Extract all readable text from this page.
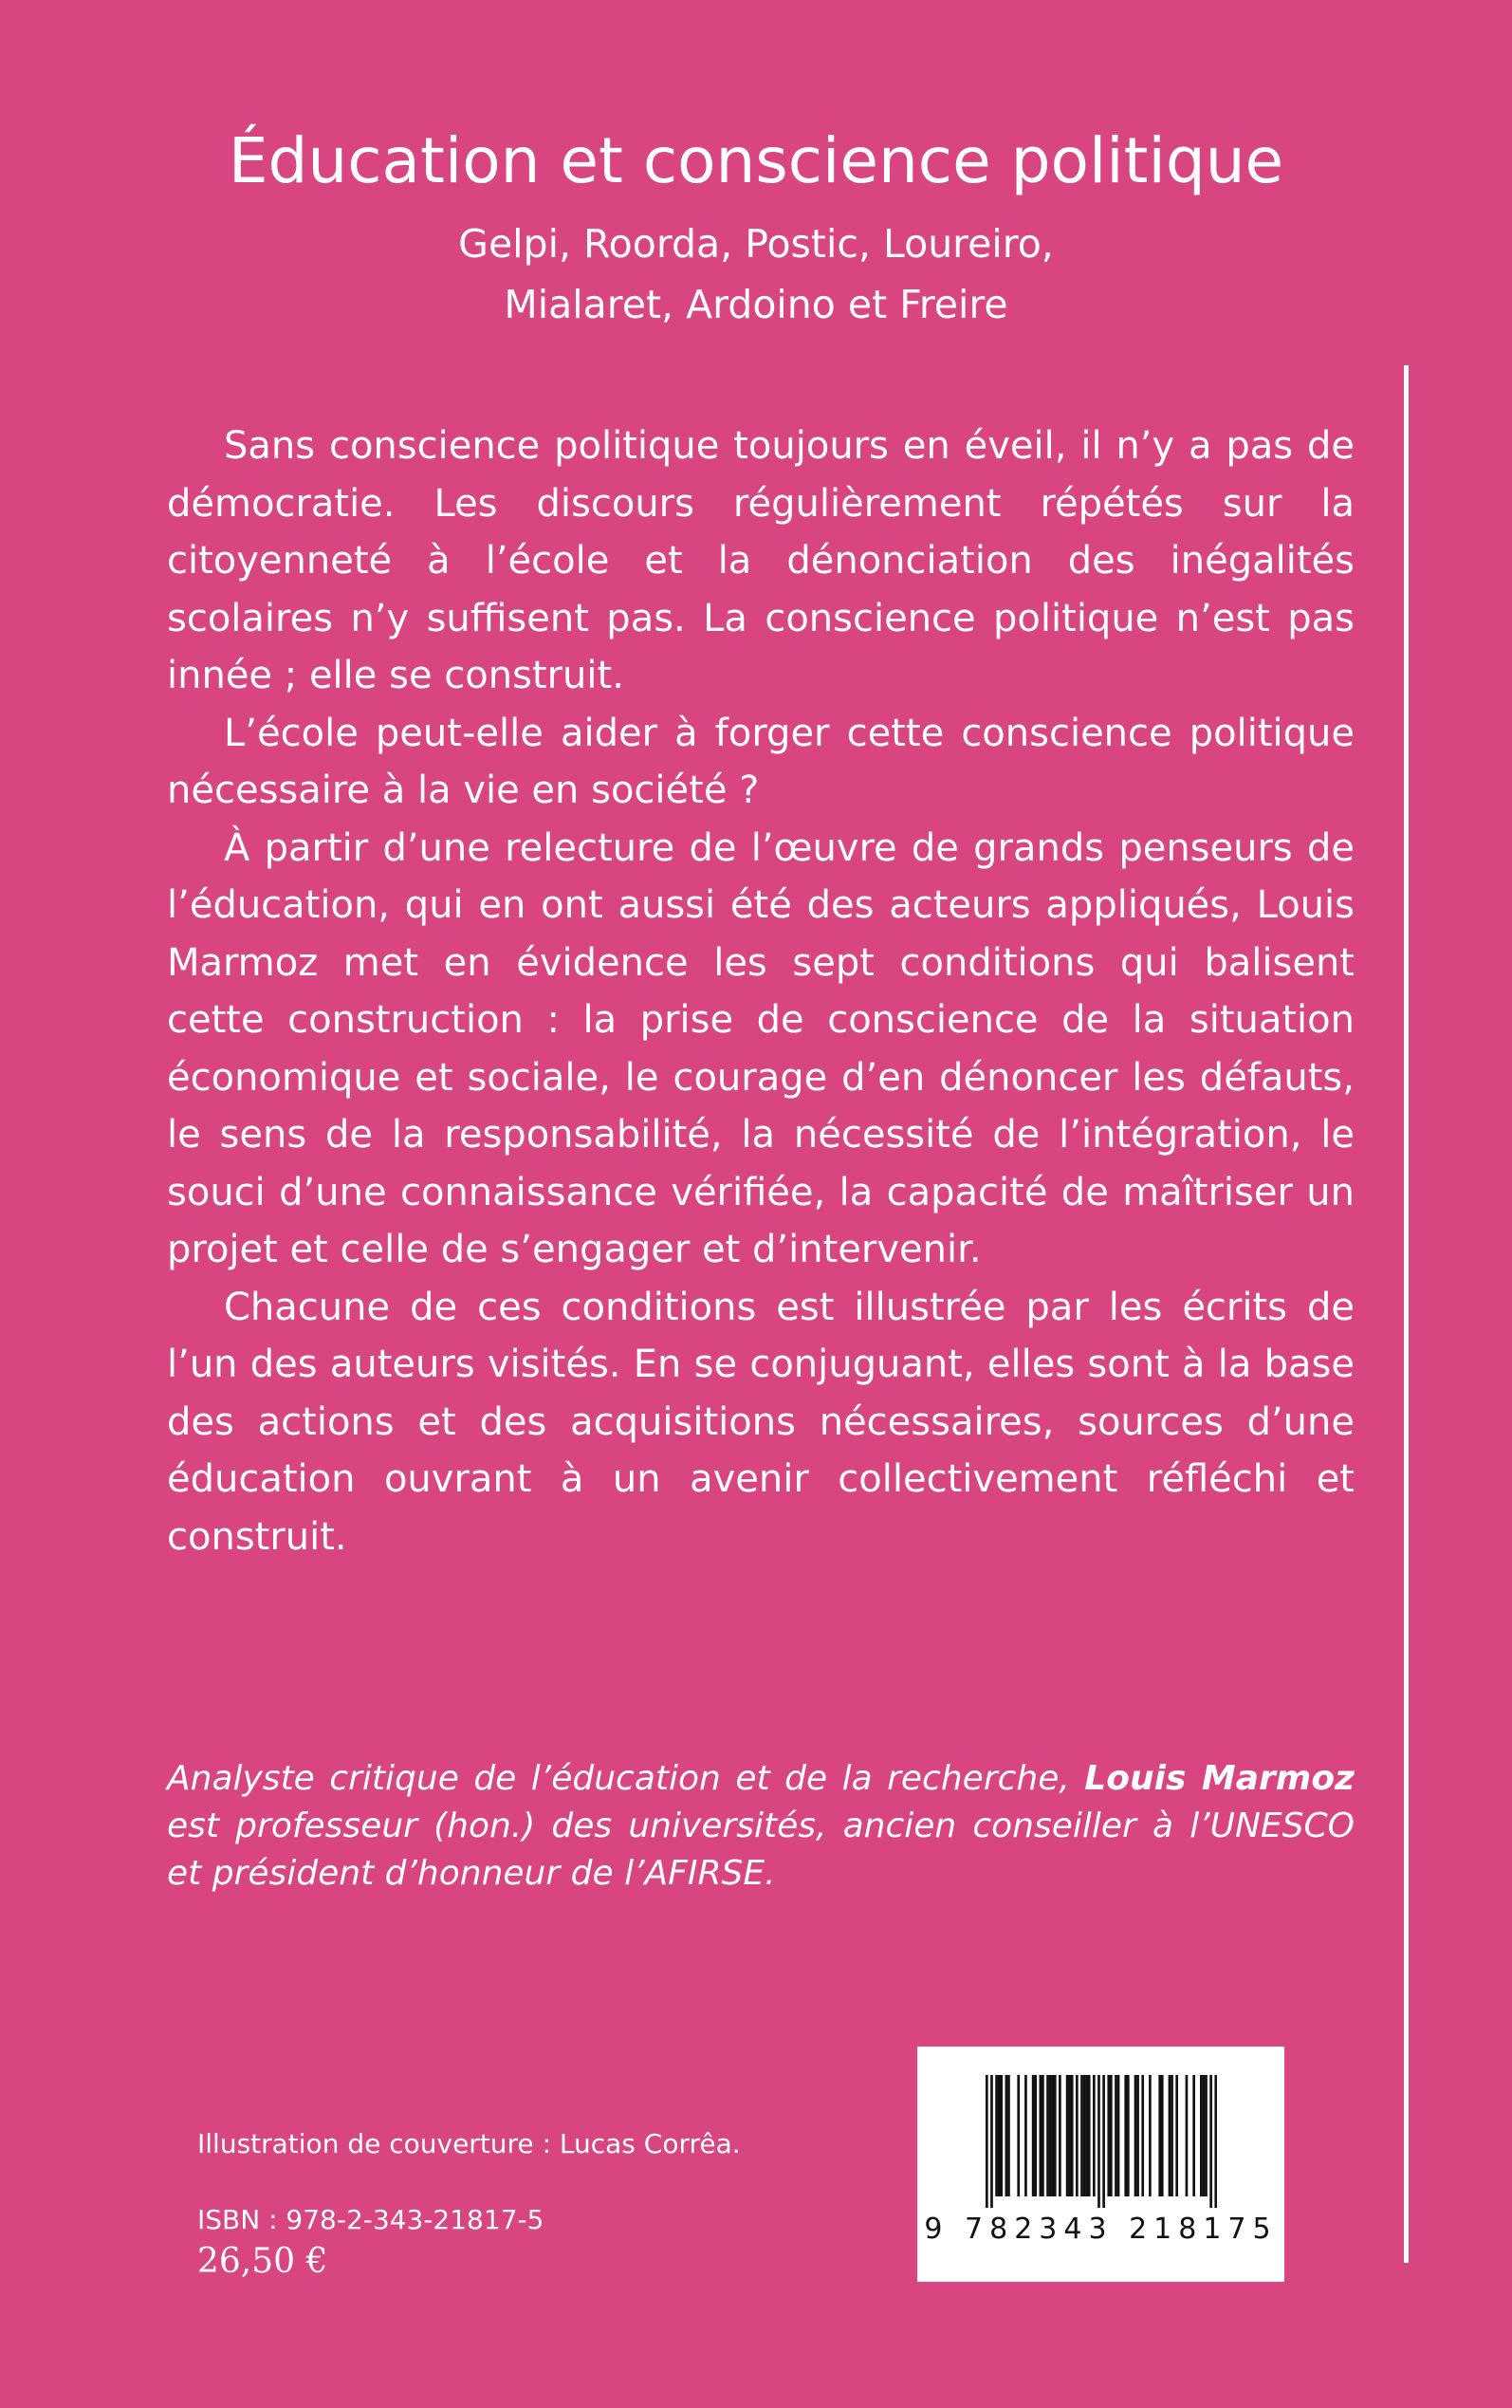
Éducation et conscience politique
Gelpi, Roorda, Postic, Loureiro,
Mialaret, Ardoino et Freire

Sans conscience politique toujours en éveil, il n’y a pas de démocratie. Les discours régulièrement répétés sur la citoyenneté à l’école et la dénonciation des inégalités scolaires n’y suffisent pas. La conscience politique n’est pas innée ; elle se construit.

L’école peut-elle aider à forger cette conscience politique nécessaire à la vie en société ?

À partir d’une relecture de l’œuvre de grands penseurs de l’éducation, qui en ont aussi été des acteurs appliqués, Louis Marmoz met en évidence les sept conditions qui balisent cette construction : la prise de conscience de la situation économique et sociale, le courage d’en dénoncer les défauts, le sens de la responsabilité, la nécessité de l’intégration, le souci d’une connaissance vérifiée, la capacité de maîtriser un projet et celle de s’engager et d’intervenir.

Chacune de ces conditions est illustrée par les écrits de l’un des auteurs visités. En se conjuguant, elles sont à la base des actions et des acquisitions nécessaires, sources d’une éducation ouvrant à un avenir collectivement réfléchi et construit.

Analyste critique de l’éducation et de la recherche, Louis Marmoz est professeur (hon.) des universités, ancien conseiller à l’UNESCO et président d’honneur de l’AFIRSE.

9 782343 218175
Illustration de couverture : Lucas Corrêa.
ISBN : 978-2-343-21817-5
26,50 €
